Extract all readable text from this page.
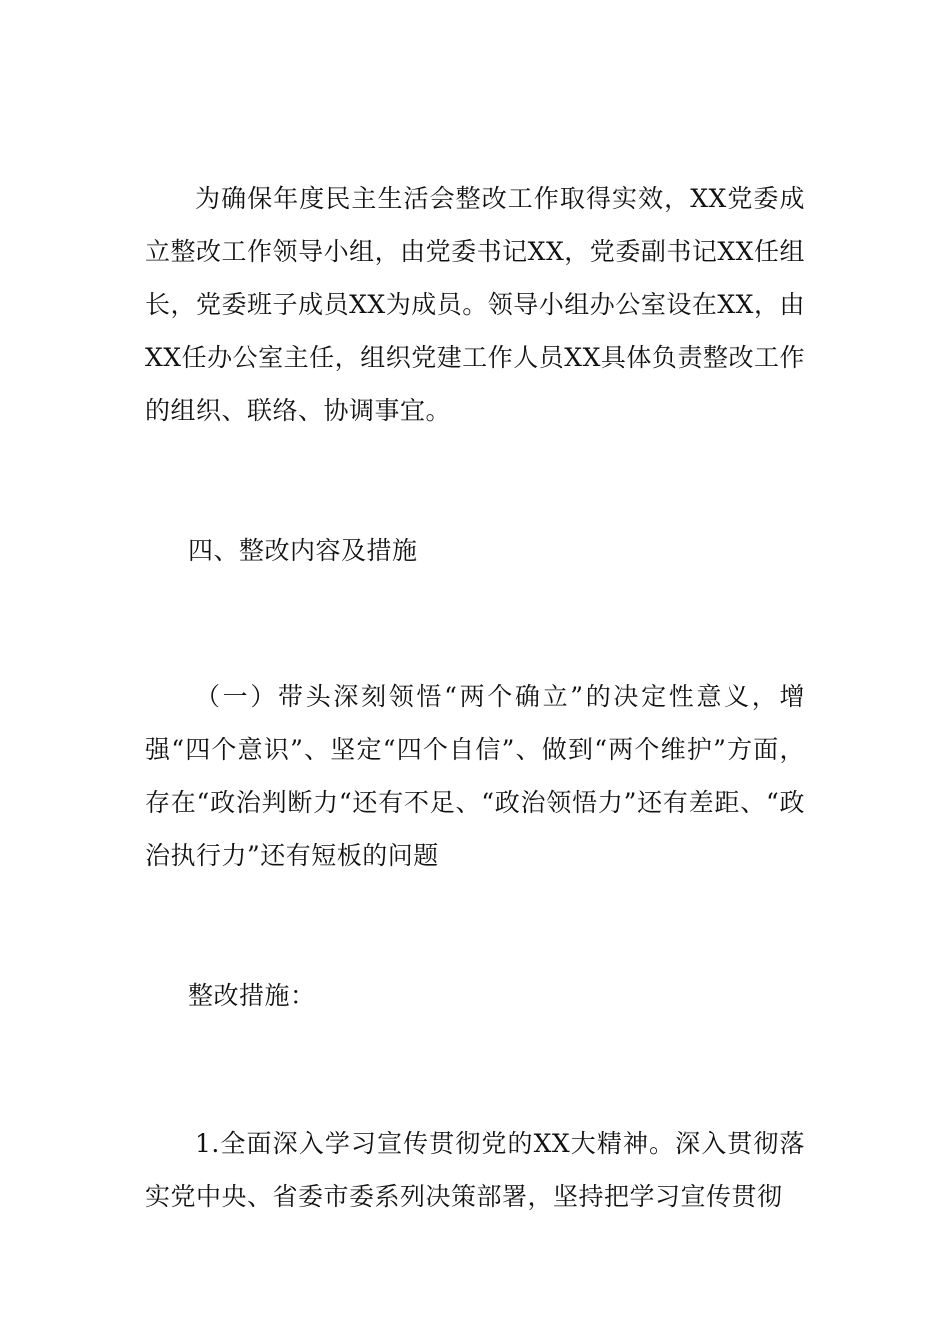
为确保年度民主生活会整改工作取得实效，XX党委成立整改工作领导小组，由党委书记XX，党委副书记XX任组长，党委班子成员XX为成员。领导小组办公室设在XX，由XX任办公室主任，组织党建工作人员XX具体负责整改工作的组织、联络、协调事宜。

四、整改内容及措施

（一）带头深刻领悟“两个确立”的决定性意义，增强“四个意识”、坚定“四个自信”、做到“两个维护”方面，存在“政治判断力“还有不足、“政治领悟力”还有差距、“政治执行力”还有短板的问题

整改措施：

1.全面深入学习宣传贯彻党的XX大精神。深入贯彻落实党中央、省委市委系列决策部署，坚持把学习宣传贯彻
